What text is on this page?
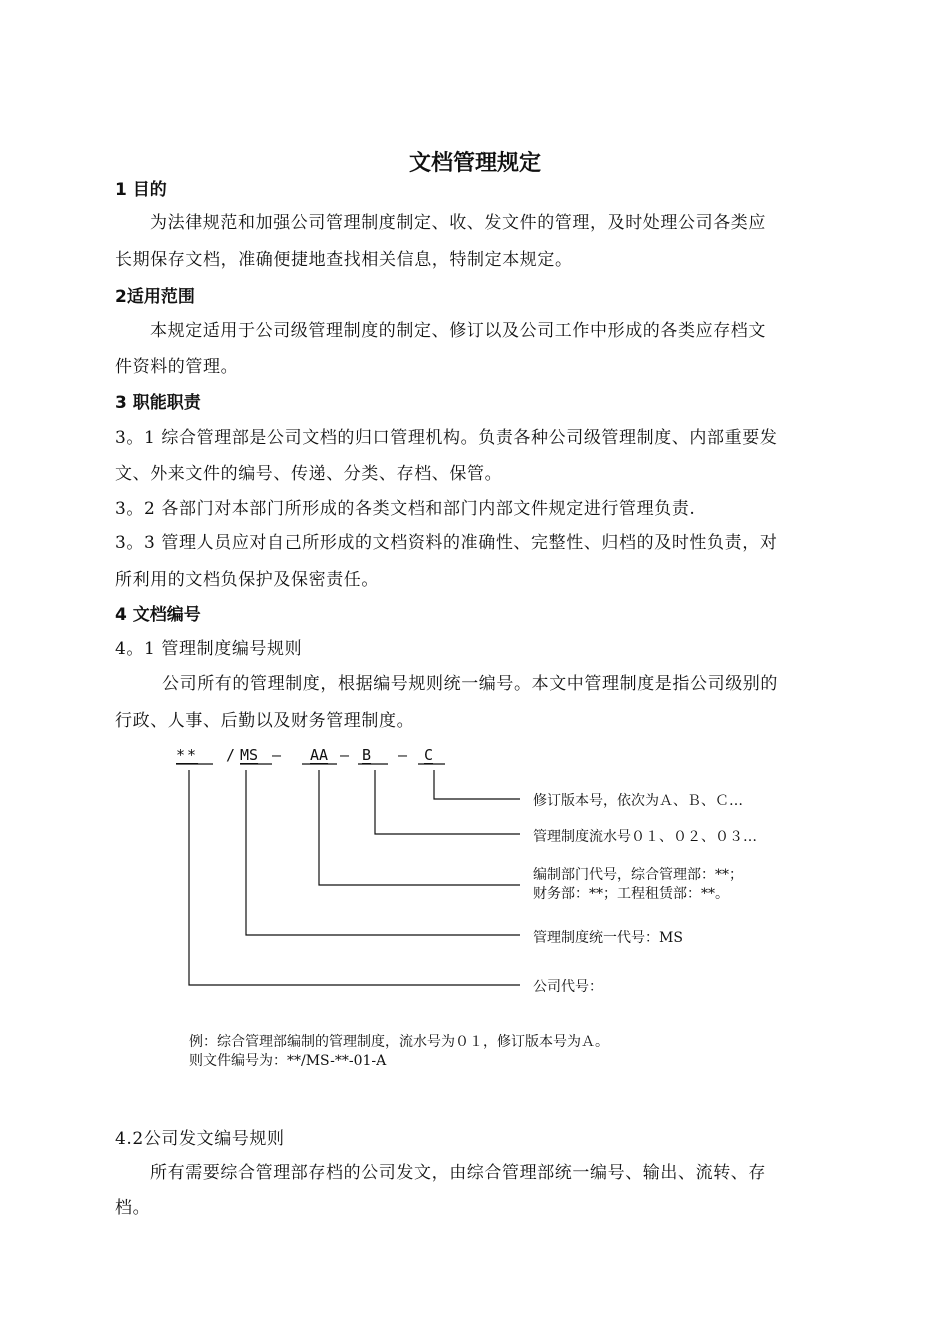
文档管理规定
1 目的
为法律规范和加强公司管理制度制定、收、发文件的管理，及时处理公司各类应
长期保存文档，准确便捷地查找相关信息，特制定本规定。
2适用范围
本规定适用于公司级管理制度的制定、修订以及公司工作中形成的各类应存档文
件资料的管理。
3 职能职责
3。1 综合管理部是公司文档的归口管理机构。负责各种公司级管理制度、内部重要发
文、外来文件的编号、传递、分类、存档、保管。
3。2 各部门对本部门所形成的各类文档和部门内部文件规定进行管理负责.
3。3 管理人员应对自己所形成的文档资料的准确性、完整性、归档的及时性负责，对
所利用的文档负保护及保密责任。
4 文档编号
4。1 管理制度编号规则
公司所有的管理制度，根据编号规则统一编号。本文中管理制度是指公司级别的
行政、人事、后勤以及财务管理制度。
** / MS — AA — B — C
修订版本号，依次为Ａ、Ｂ、Ｃ…
管理制度流水号０１、０２、０３…
编制部门代号，综合管理部：**；
财务部：**；工程租赁部：**。
管理制度统一代号：MS
公司代号：
例：综合管理部编制的管理制度，流水号为０１，修订版本号为Ａ。
则文件编号为：**/MS-**-01-A
4.2公司发文编号规则
所有需要综合管理部存档的公司发文，由综合管理部统一编号、输出、流转、存
档。
